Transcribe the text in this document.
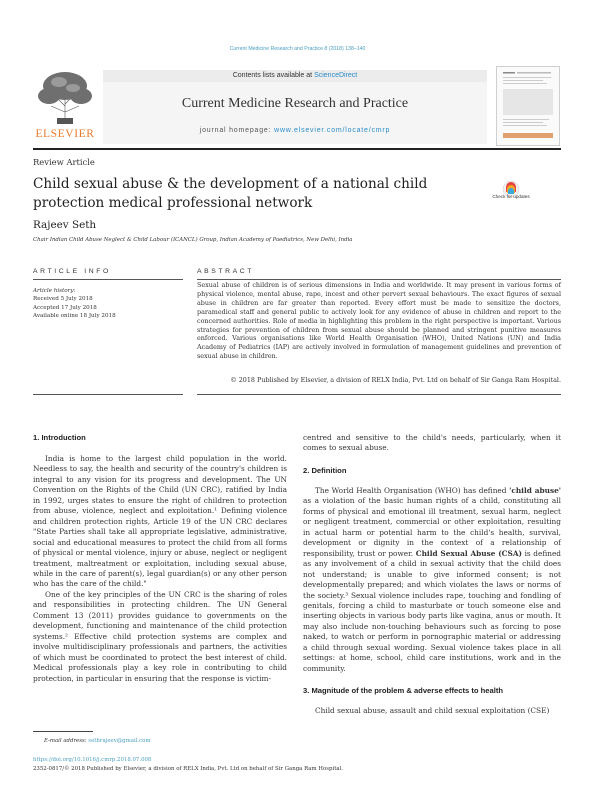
Current Medicine Research and Practice 8 (2018) 138–140
ELSEVIER
Contents lists available at ScienceDirect
Current Medicine Research and Practice
journal homepage: www.elsevier.com/locate/cmrp
Review Article
Child sexual abuse & the development of a national child protection medical professional network	Check for updates
Rajeev Seth
Chair Indian Child Abuse Neglect & Child Labour (ICANCL) Group, Indian Academy of Paediatrics, New Delhi, India
ARTICLE INFO	ABSTRACT
Article history:
Received 5 July 2018
Accepted 17 July 2018
Available online 18 July 2018
Sexual abuse of children is of serious dimensions in India and worldwide. It may present in various forms of physical violence, mental abuse, rape, incest and other pervert sexual behaviours. The exact figures of sexual abuse in children are far greater than reported. Every effort must be made to sensitize the doctors, paramedical staff and general public to actively look for any evidence of abuse in children and report to the concerned authorities. Role of media in highlighting this problem in the right perspective is important. Various strategies for prevention of children from sexual abuse should be planned and stringent punitive measures enforced. Various organisations like World Health Organisation (WHO), United Nations (UN) and India Academy of Pediatrics (IAP) are actively involved in formulation of management guidelines and prevention of sexual abuse in children.
© 2018 Published by Elsevier, a division of RELX India, Pvt. Ltd on behalf of Sir Ganga Ram Hospital.
1. Introduction
India is home to the largest child population in the world. Needless to say, the health and security of the country's children is integral to any vision for its progress and development. The UN Convention on the Rights of the Child (UN CRC), ratified by India in 1992, urges states to ensure the right of children to protection from abuse, violence, neglect and exploitation.¹ Defining violence and children protection rights, Article 19 of the UN CRC declares "State Parties shall take all appropriate legislative, administrative, social and educational measures to protect the child from all forms of physical or mental violence, injury or abuse, neglect or negligent treatment, maltreatment or exploitation, including sexual abuse, while in the care of parent(s), legal guardian(s) or any other person who has the care of the child."
One of the key principles of the UN CRC is the sharing of roles and responsibilities in protecting children. The UN General Comment 13 (2011) provides guidance to governments on the development, functioning and maintenance of the child protection systems.² Effective child protection systems are complex and involve multidisciplinary professionals and partners, the activities of which must be coordinated to protect the best interest of child. Medical professionals play a key role in contributing to child protection, in particular in ensuring that the response is victim-
centred and sensitive to the child's needs, particularly, when it comes to sexual abuse.
2. Definition
The World Health Organisation (WHO) has defined 'child abuse' as a violation of the basic human rights of a child, constituting all forms of physical and emotional ill treatment, sexual harm, neglect or negligent treatment, commercial or other exploitation, resulting in actual harm or potential harm to the child's health, survival, development or dignity in the context of a relationship of responsibility, trust or power. Child Sexual Abuse (CSA) is defined as any involvement of a child in sexual activity that the child does not understand; is unable to give informed consent; is not developmentally prepared; and which violates the laws or norms of the society.³ Sexual violence includes rape, touching and fondling of genitals, forcing a child to masturbate or touch someone else and inserting objects in various body parts like vagina, anus or mouth. It may also include non-touching behaviours such as forcing to pose naked, to watch or perform in pornographic material or addressing a child through sexual wording. Sexual violence takes place in all settings: at home, school, child care institutions, work and in the community.
3. Magnitude of the problem & adverse effects to health
Child sexual abuse, assault and child sexual exploitation (CSE)
E-mail address: sethrajeev@gmail.com
https://doi.org/10.1016/j.cmrp.2018.07.008
2352-0817/© 2018 Published by Elsevier, a division of RELX India, Pvt. Ltd on behalf of Sir Ganga Ram Hospital.
